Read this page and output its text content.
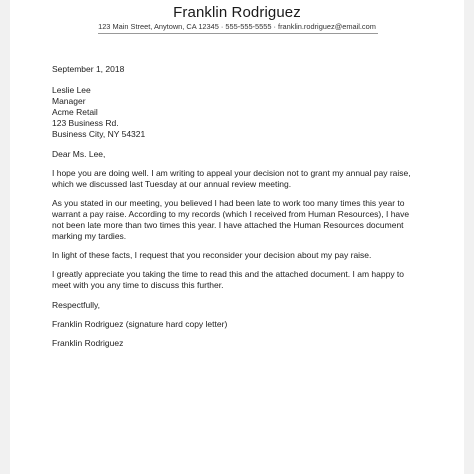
Franklin Rodriguez
123 Main Street, Anytown, CA 12345 · 555-555-5555 · franklin.rodriguez@email.com
September 1, 2018
Leslie Lee
Manager
Acme Retail
123 Business Rd.
Business City, NY 54321
Dear Ms. Lee,
I hope you are doing well. I am writing to appeal your decision not to grant my annual pay raise,
which we discussed last Tuesday at our annual review meeting.
As you stated in our meeting, you believed I had been late to work too many times this year to
warrant a pay raise. According to my records (which I received from Human Resources), I have
not been late more than two times this year. I have attached the Human Resources document
marking my tardies.
In light of these facts, I request that you reconsider your decision about my pay raise.
I greatly appreciate you taking the time to read this and the attached document. I am happy to
meet with you any time to discuss this further.
Respectfully,
Franklin Rodriguez (signature hard copy letter)
Franklin Rodriguez
